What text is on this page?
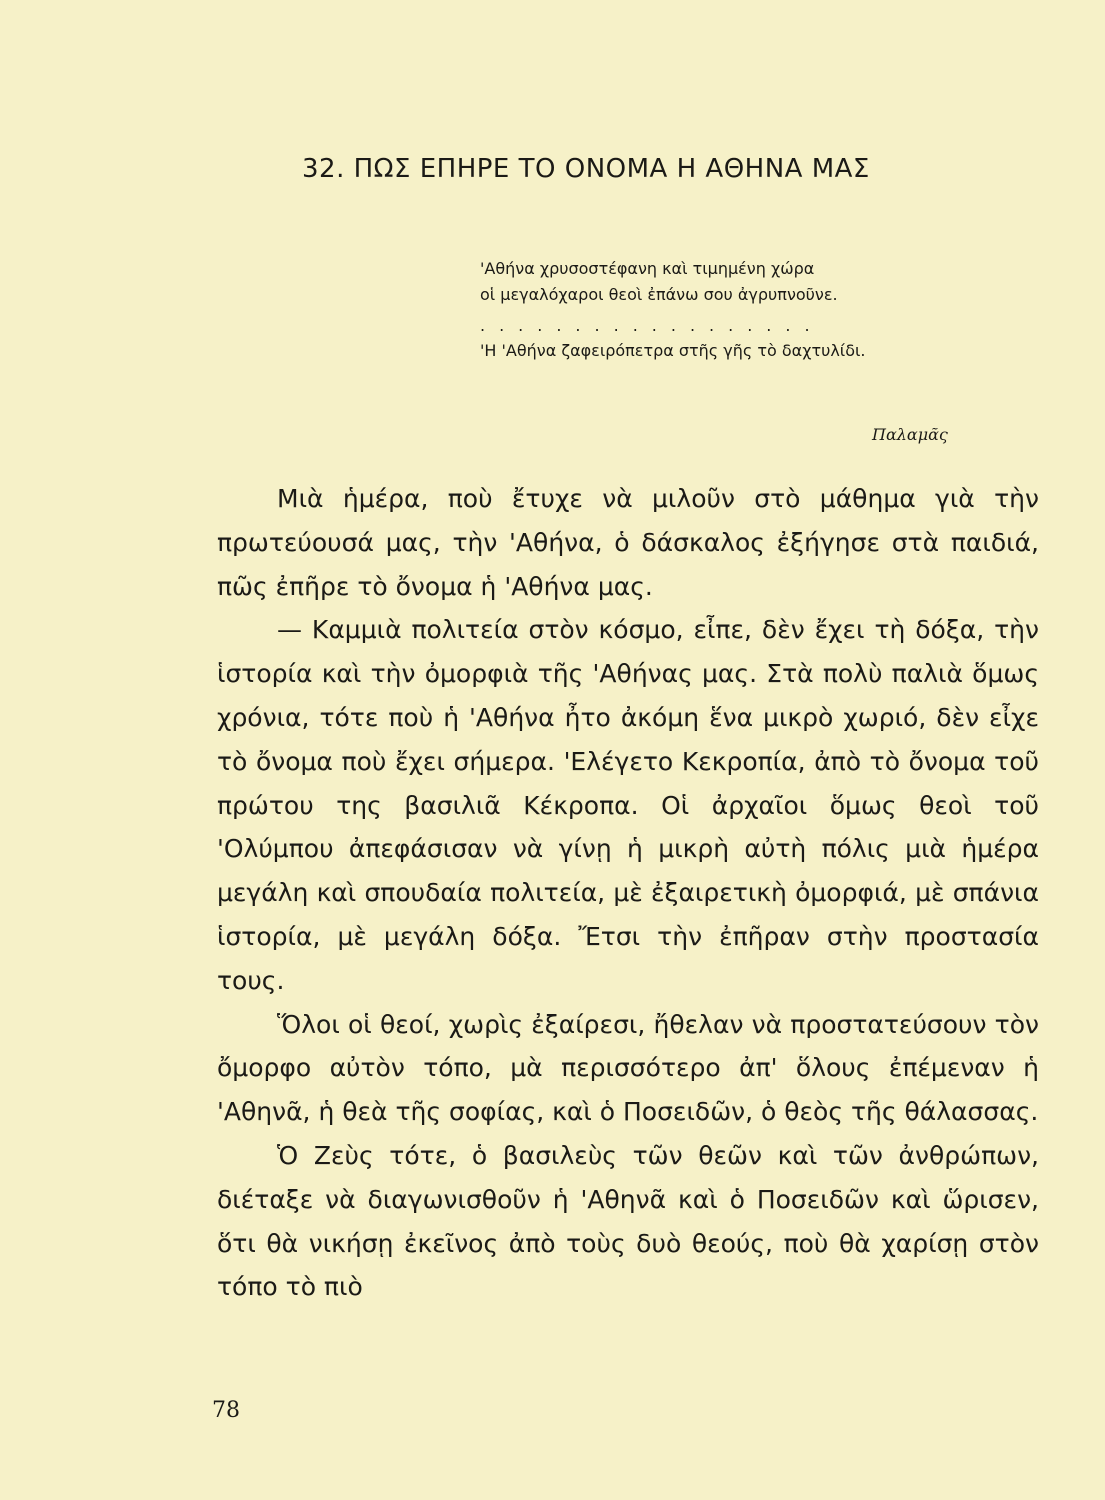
32. ΠΩΣ ΕΠΗΡΕ ΤΟ ΟΝΟΜΑ Η ΑΘΗΝΑ ΜΑΣ

'Αθήνα χρυσοστέφανη καὶ τιμημένη χώρα

οἱ μεγαλόχαροι θεοὶ ἐπάνω σου ἀγρυπνοῦνε.

..................

'Η 'Αθήνα ζαφειρόπετρα στῆς γῆς τὸ δαχτυλίδι.

Παλαμᾶς

Μιὰ ἡμέρα, ποὺ ἔτυχε νὰ μιλοῦν στὸ μάθημα γιὰ τὴν πρωτεύουσά μας, τὴν 'Αθήνα, ὁ δάσκαλος ἐξήγησε στὰ παιδιά, πῶς ἐπῆρε τὸ ὄνομα ἡ 'Αθήνα μας.

— Καμμιὰ πολιτεία στὸν κόσμο, εἶπε, δὲν ἔχει τὴ δόξα, τὴν ἱστορία καὶ τὴν ὀμορφιὰ τῆς 'Αθήνας μας. Στὰ πολὺ παλιὰ ὅμως χρόνια, τότε ποὺ ἡ 'Αθήνα ἦτο ἀκόμη ἕνα μικρὸ χωριό, δὲν εἶχε τὸ ὄνομα ποὺ ἔχει σήμερα. 'Ελέγετο Κεκροπία, ἀπὸ τὸ ὄνομα τοῦ πρώτου της βασιλιᾶ Κέκροπα. Οἱ ἀρχαῖοι ὅμως θεοὶ τοῦ 'Ολύμπου ἀπεφάσισαν νὰ γίνῃ ἡ μικρὴ αὐτὴ πόλις μιὰ ἡμέρα μεγάλη καὶ σπουδαία πολιτεία, μὲ ἐξαιρετικὴ ὀμορφιά, μὲ σπάνια ἱστορία, μὲ μεγάλη δόξα. Ἔτσι τὴν ἐπῆραν στὴν προστασία τους.

Ὅλοι οἱ θεοί, χωρὶς ἐξαίρεσι, ἤθελαν νὰ προστατεύσουν τὸν ὄμορφο αὐτὸν τόπο, μὰ περισσότερο ἀπ' ὅλους ἐπέμεναν ἡ 'Αθηνᾶ, ἡ θεὰ τῆς σοφίας, καὶ ὁ Ποσειδῶν, ὁ θεὸς τῆς θάλασσας.

Ὁ Ζεὺς τότε, ὁ βασιλεὺς τῶν θεῶν καὶ τῶν ἀνθρώπων, διέταξε νὰ διαγωνισθοῦν ἡ 'Αθηνᾶ καὶ ὁ Ποσειδῶν καὶ ὥρισεν, ὅτι θὰ νικήσῃ ἐκεῖνος ἀπὸ τοὺς δυὸ θεούς, ποὺ θὰ χαρίσῃ στὸν τόπο τὸ πιὸ

78
